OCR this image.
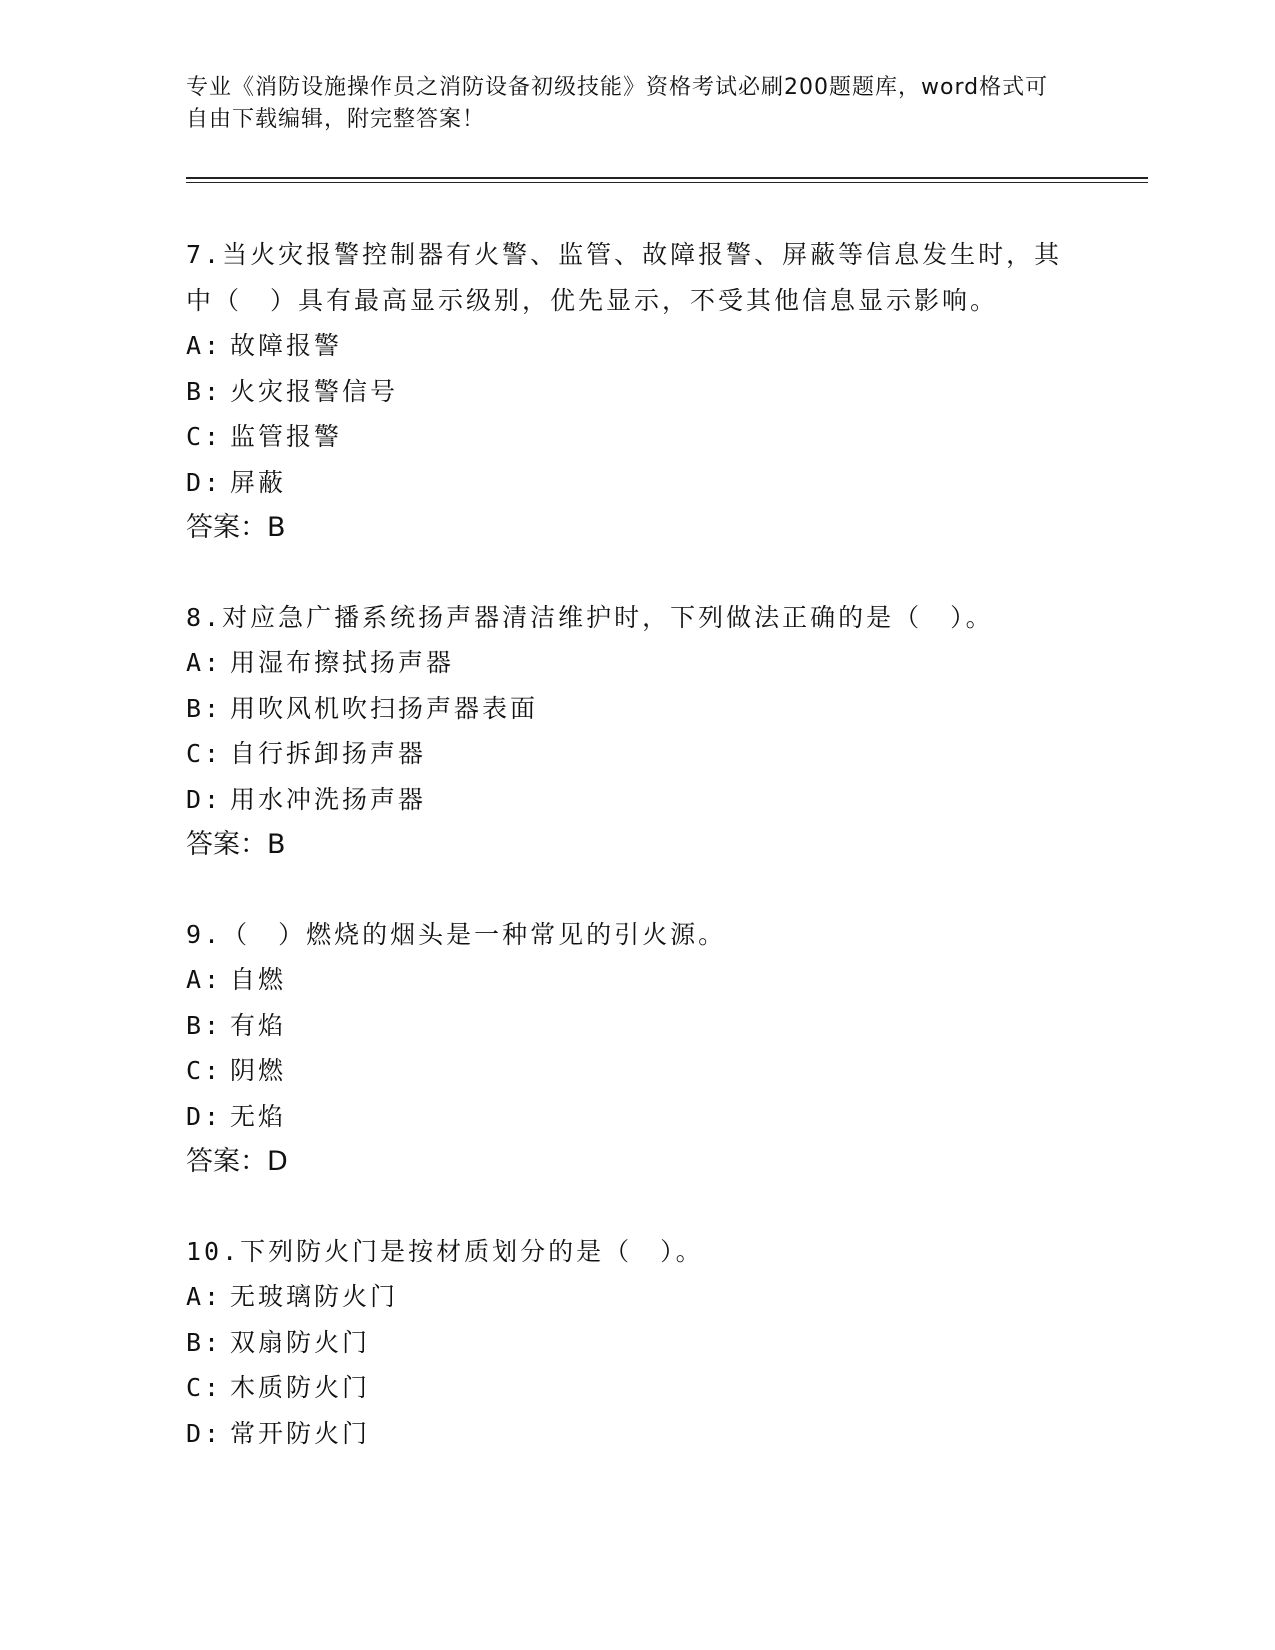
专业《消防设施操作员之消防设备初级技能》资格考试必刷200题题库，word格式可自由下载编辑，附完整答案！
7.当火灾报警控制器有火警、监管、故障报警、屏蔽等信息发生时，其中（　）具有最高显示级别，优先显示，不受其他信息显示影响。
A: 故障报警
B: 火灾报警信号
C: 监管报警
D: 屏蔽
答案：B
8.对应急广播系统扬声器清洁维护时，下列做法正确的是（　）。
A: 用湿布擦拭扬声器
B: 用吹风机吹扫扬声器表面
C: 自行拆卸扬声器
D: 用水冲洗扬声器
答案：B
9.（　）燃烧的烟头是一种常见的引火源。
A: 自燃
B: 有焰
C: 阴燃
D: 无焰
答案：D
10.下列防火门是按材质划分的是（　）。
A: 无玻璃防火门
B: 双扇防火门
C: 木质防火门
D: 常开防火门
